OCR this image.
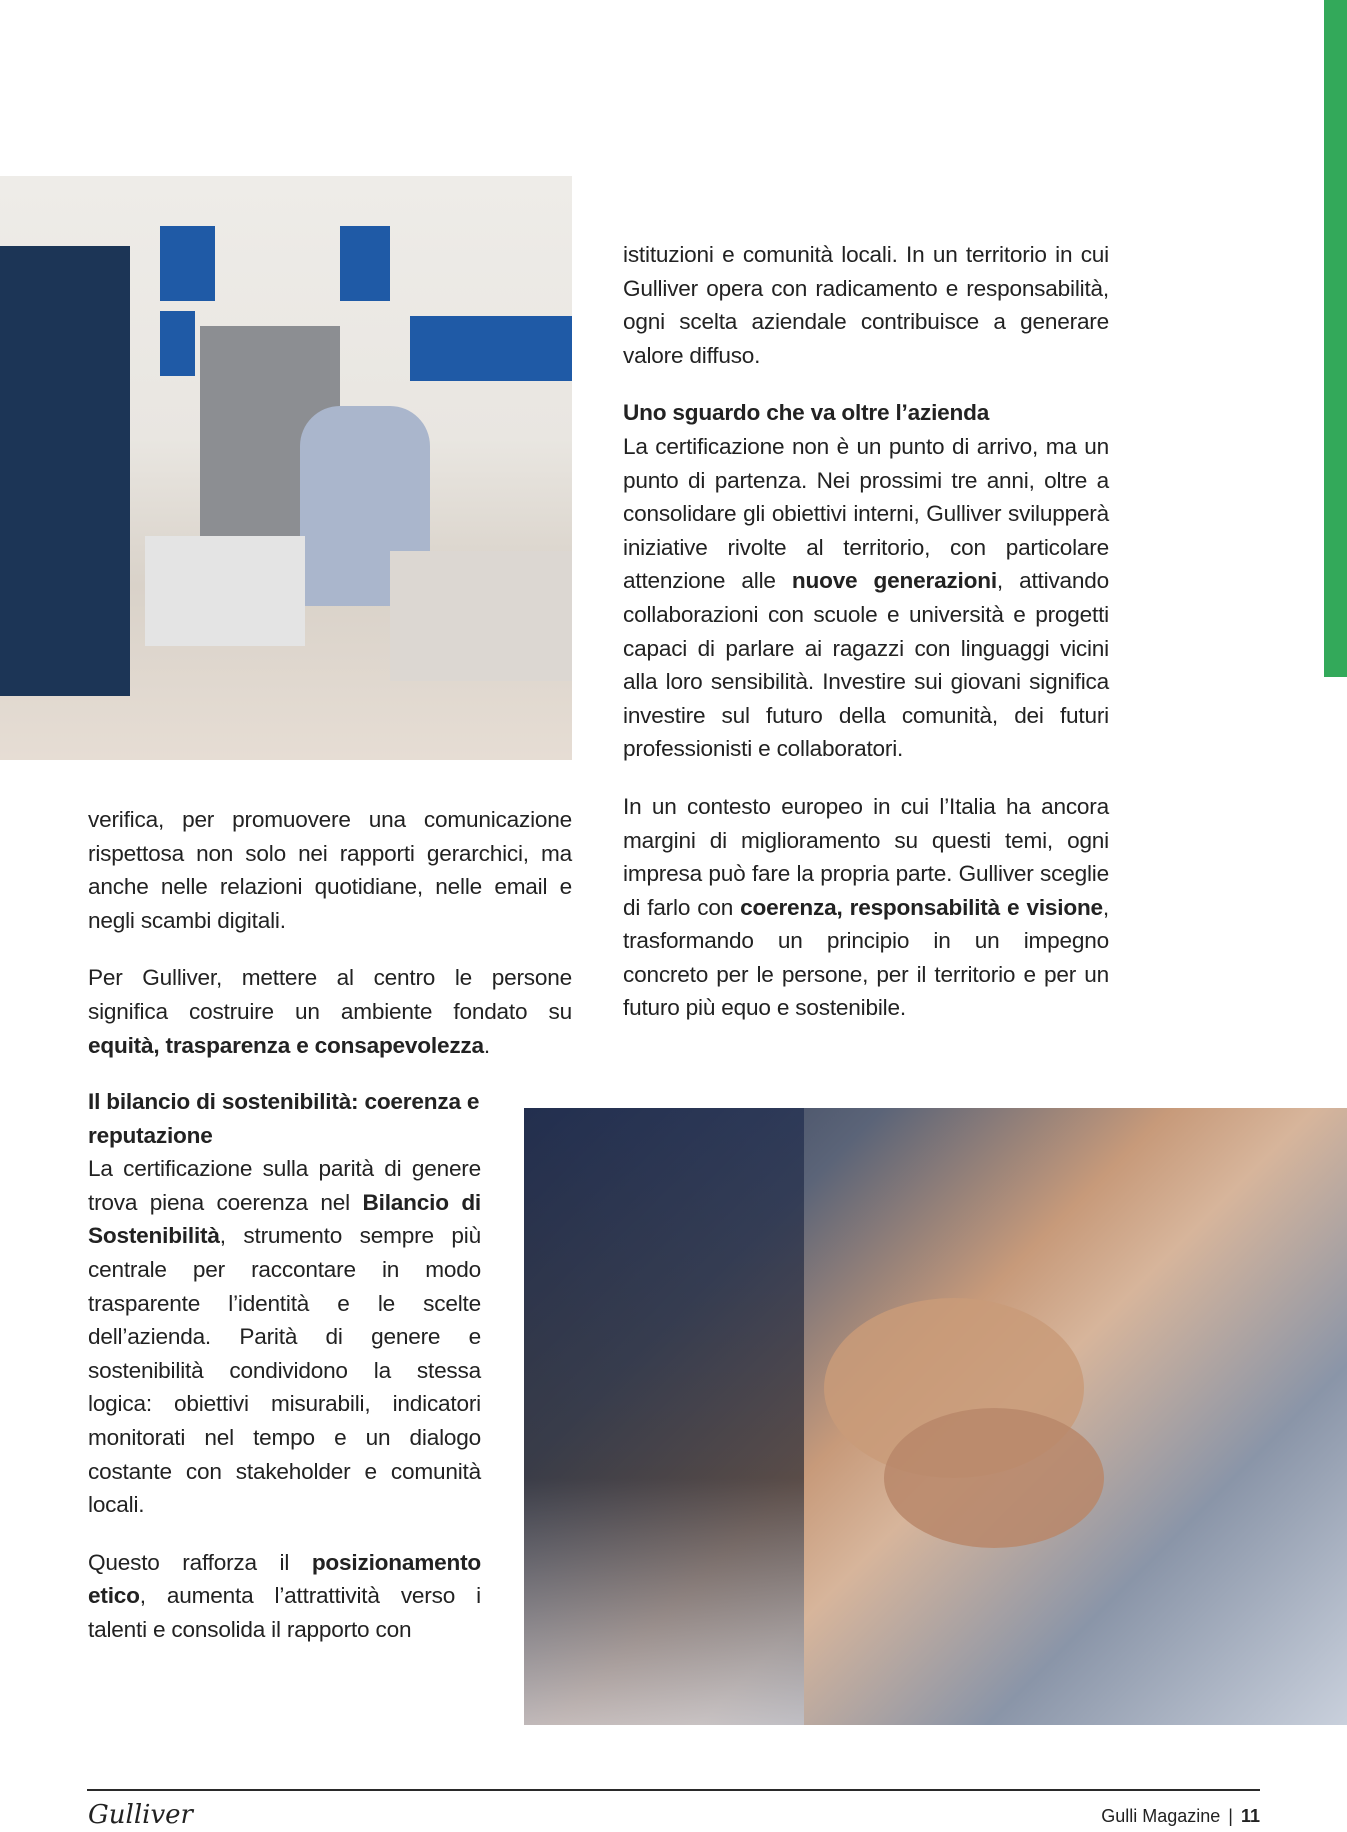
istituzioni e comunità locali. In un territorio in cui Gulliver opera con radicamento e responsabilità, ogni scelta aziendale contribuisce a generare valore diffuso.

Uno sguardo che va oltre l’azienda

La certificazione non è un punto di arrivo, ma un punto di partenza. Nei prossimi tre anni, oltre a consolidare gli obiettivi interni, Gulliver svilupperà iniziative rivolte al territorio, con particolare attenzione alle nuove generazioni, attivando collaborazioni con scuole e università e progetti capaci di parlare ai ragazzi con linguaggi vicini alla loro sensibilità. Investire sui giovani significa investire sul futuro della comunità, dei futuri professionisti e collaboratori.

In un contesto europeo in cui l’Italia ha ancora margini di miglioramento su questi temi, ogni impresa può fare la propria parte. Gulliver sceglie di farlo con coerenza, responsabilità e visione, trasformando un principio in un impegno concreto per le persone, per il territorio e per un futuro più equo e sostenibile.

verifica, per promuovere una comunicazione rispettosa non solo nei rapporti gerarchici, ma anche nelle relazioni quotidiane, nelle email e negli scambi digitali.

Per Gulliver, mettere al centro le persone significa costruire un ambiente fondato su equità, trasparenza e consapevolezza.

Il bilancio di sostenibilità: coerenza e reputazione

La certificazione sulla parità di genere trova piena coerenza nel Bilancio di Sostenibilità, strumento sempre più centrale per raccontare in modo trasparente l’identità e le scelte dell’azienda. Parità di genere e sostenibilità condividono la stessa logica: obiettivi misurabili, indicatori monitorati nel tempo e un dialogo costante con stakeholder e comunità locali.

Questo rafforza il posizionamento etico, aumenta l’attrattività verso i talenti e consolida il rapporto con

Gulliver	Gulli Magazine | 11
